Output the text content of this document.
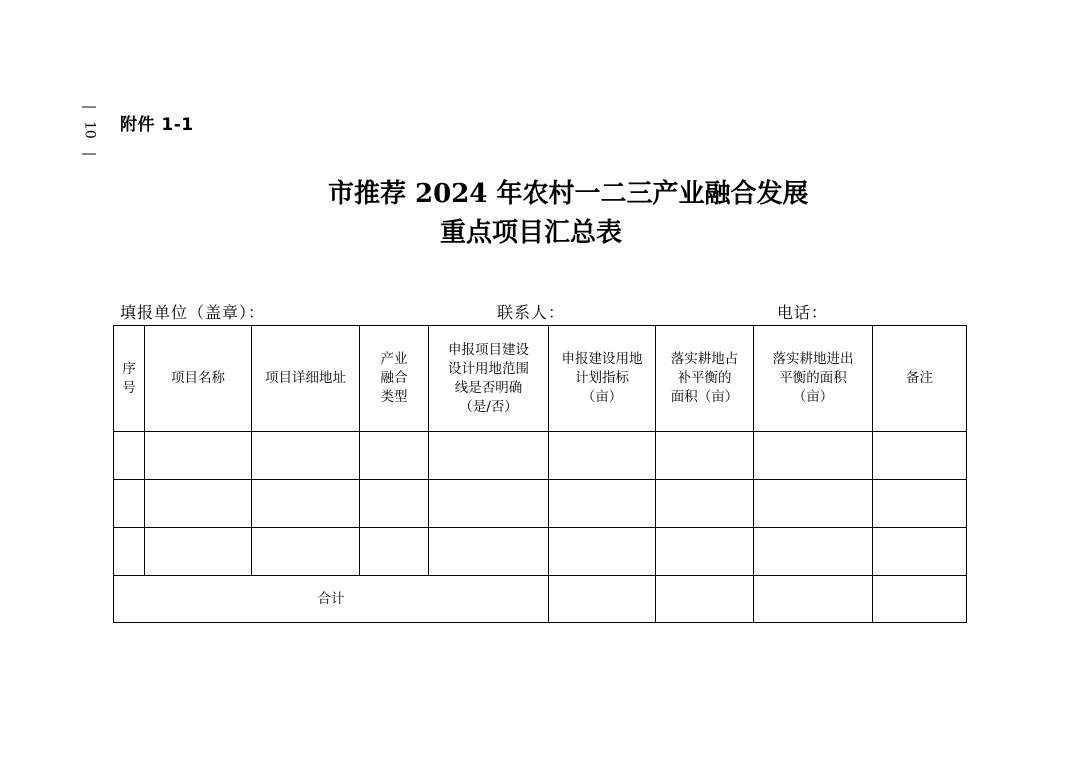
—
10
—
附件 1-1
市推荐 2024 年农村一二三产业融合发展
重点项目汇总表
填报单位（盖章）：	联系人：	电话：
序
号	项目名称	项目详细地址	产业
融合
类型	申报项目建设
设计用地范围
线是否明确
（是/否）	申报建设用地
计划指标
（亩）	落实耕地占
补平衡的
面积（亩）	落实耕地进出
平衡的面积
（亩）	备注

合计								
